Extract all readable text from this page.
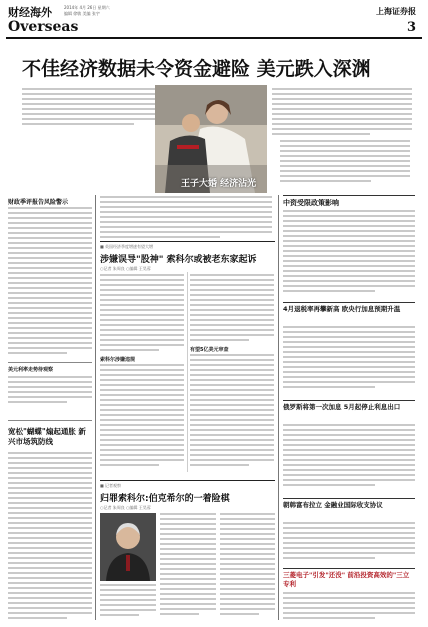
财经海外	2014年 4月 26日 星期六
编辑 徐敏 美编 张宇
Overseas
上海证券报
3
不佳经济数据未令资金避险 美元跌入深渊
王子大婚 经济沾光
财政季评报告风险警示
美元利率走势待观察
宽松"蝴蝶"煽起通胀 新兴市场筑防线
■ 英国经济季度增速有望大增
涉嫌误导"股神" 索科尔或被老东家起诉
○记者 朱周良 ○编辑 王昊蓉
索科尔涉嫌违规
有望5亿美元审查
■ 记者观察
归罪索科尔:伯克希尔的一着险棋
○记者 朱周良 ○编辑 王昊蓉
中资受限政策影响
4月退税率再攀新高 欧央行加息预期升温
俄罗斯将第一次加息 5月起停止利息出口
朝韩富布拉立 金融业国际收支协议
三菱电子"引发"还没" 前沿投资高效的"三立专利
